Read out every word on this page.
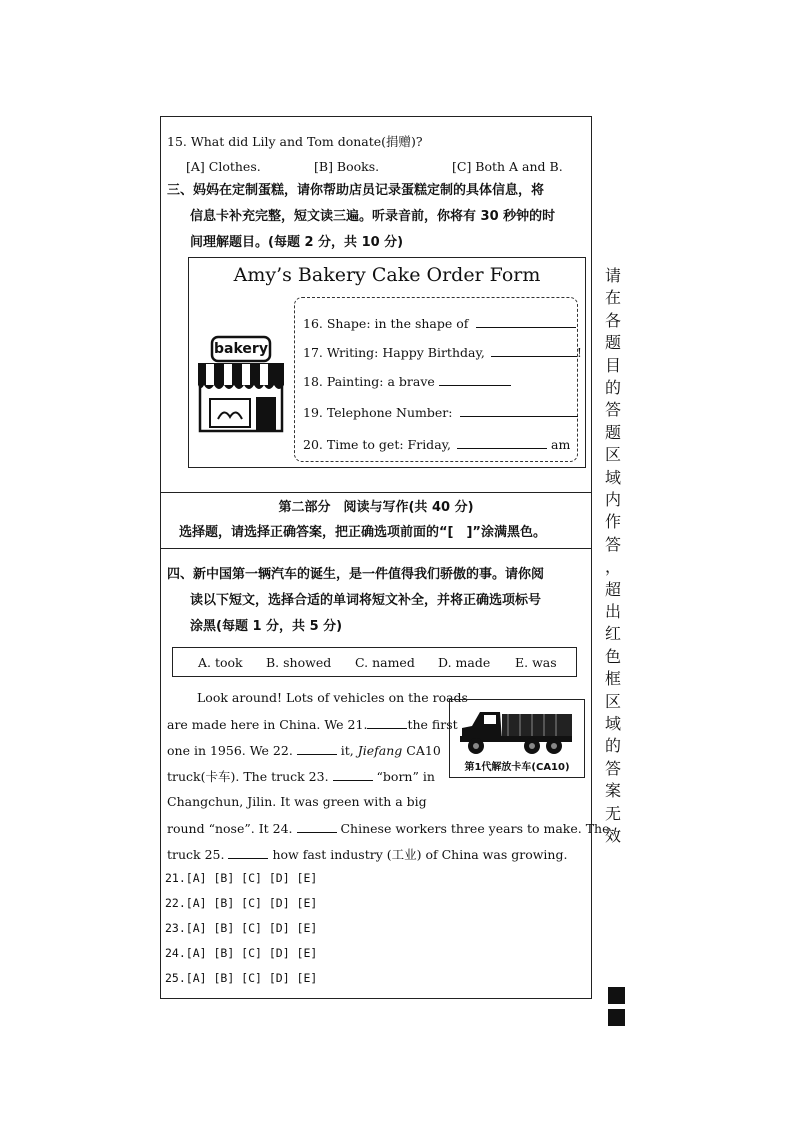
15. What did Lily and Tom donate(捐赠)?
[A] Clothes.	[B] Books.	[C] Both A and B.
三、妈妈在定制蛋糕，请你帮助店员记录蛋糕定制的具体信息，将
信息卡补充完整，短文读三遍。听录音前，你将有 30 秒钟的时
间理解题目。(每题 2 分，共 10 分)
Amy’s Bakery Cake Order Form
bakery
16. Shape: in the shape of
17. Writing: Happy Birthday,	!
18. Painting: a brave
19. Telephone Number:
20. Time to get: Friday,	am
第二部分　阅读与写作(共 40 分)
选择题，请选择正确答案，把正确选项前面的“[　]”涂满黑色。
四、新中国第一辆汽车的诞生，是一件值得我们骄傲的事。请你阅
读以下短文，选择合适的单词将短文补全，并将正确选项标号
涂黑(每题 1 分，共 5 分)
A. took B. showed C. named D. made E. was
Look around! Lots of vehicles on the roads
are made here in China. We 21.	the first
one in 1956. We 22.	it, Jiefang CA10
truck(卡车). The truck 23.	“born” in
Changchun, Jilin. It was green with a big
round “nose”. It 24.	Chinese workers three years to make. The
truck 25.	how fast industry (工业) of China was growing.
第1代解放卡车(CA10)
21.[A] [B] [C] [D] [E]
22.[A] [B] [C] [D] [E]
23.[A] [B] [C] [D] [E]
24.[A] [B] [C] [D] [E]
25.[A] [B] [C] [D] [E]
请
在
各
题
目
的
答
题
区
域
内
作
答
，
超
出
红
色
框
区
域
的
答
案
无
效
